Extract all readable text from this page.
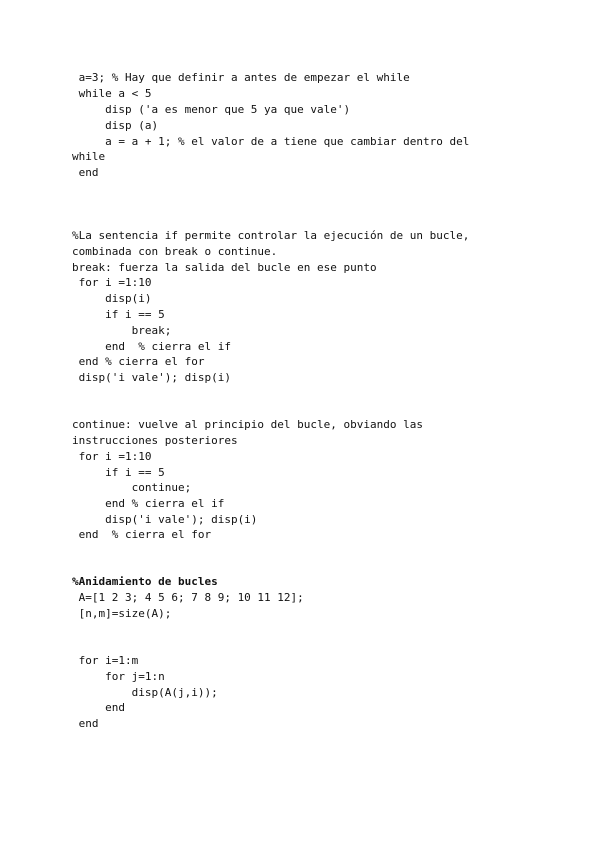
a=3; % Hay que definir a antes de empezar el while
while a < 5
disp ('a es menor que 5 ya que vale')
disp (a)
a = a + 1; % el valor de a tiene que cambiar dentro del
while
end
%La sentencia if permite controlar la ejecución de un bucle,
combinada con break o continue.
break: fuerza la salida del bucle en ese punto
for i =1:10
disp(i)
if i == 5
break;
end  % cierra el if
end % cierra el for
disp('i vale'); disp(i)
continue: vuelve al principio del bucle, obviando las
instrucciones posteriores
for i =1:10
if i == 5
continue;
end % cierra el if
disp('i vale'); disp(i)
end  % cierra el for
%Anidamiento de bucles
A=[1 2 3; 4 5 6; 7 8 9; 10 11 12];
[n,m]=size(A);
for i=1:m
for j=1:n
disp(A(j,i));
end
end
